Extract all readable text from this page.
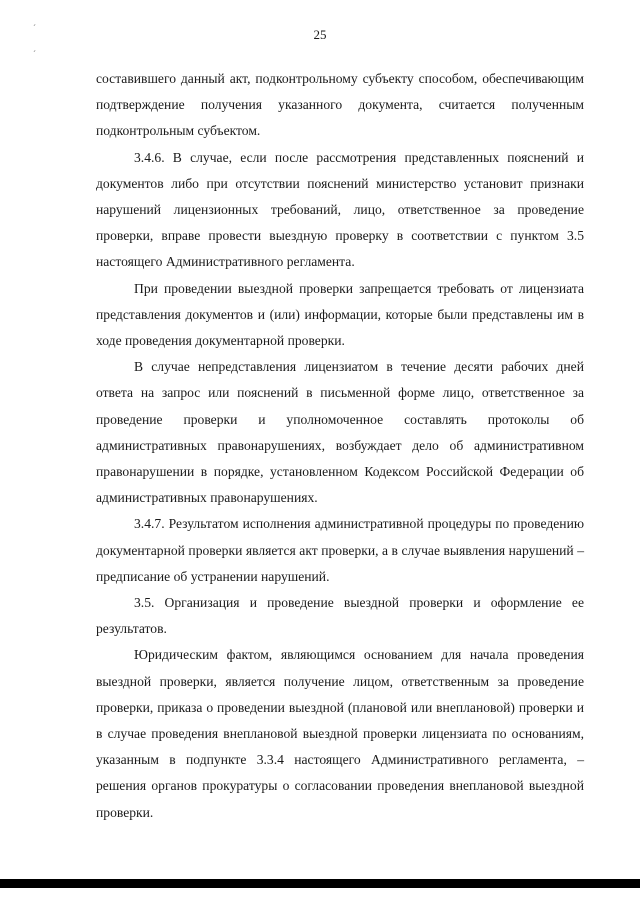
25
ˊ
ˊ

составившего данный акт, подконтрольному субъекту способом, обеспечивающим подтверждение получения указанного документа, считается полученным подконтрольным субъектом.

3.4.6. В случае, если после рассмотрения представленных пояснений и документов либо при отсутствии пояснений министерство установит признаки нарушений лицензионных требований, лицо, ответственное за проведение проверки, вправе провести выездную проверку в соответствии с пунктом 3.5 настоящего Административного регламента.

При проведении выездной проверки запрещается требовать от лицензиата представления документов и (или) информации, которые были представлены им в ходе проведения документарной проверки.

В случае непредставления лицензиатом в течение десяти рабочих дней ответа на запрос или пояснений в письменной форме лицо, ответственное за проведение проверки и уполномоченное составлять протоколы об административных правонарушениях, возбуждает дело об административном правонарушении в порядке, установленном Кодексом Российской Федерации об административных правонарушениях.

3.4.7. Результатом исполнения административной процедуры по проведению документарной проверки является акт проверки, а в случае выявления нарушений – предписание об устранении нарушений.

3.5. Организация и проведение выездной проверки и оформление ее результатов.

Юридическим фактом, являющимся основанием для начала проведения выездной проверки, является получение лицом, ответственным за проведение проверки, приказа о проведении выездной (плановой или внеплановой) проверки и в случае проведения внеплановой выездной проверки лицензиата по основаниям, указанным в подпункте 3.3.4 настоящего Административного регламента, – решения органов прокуратуры о согласовании проведения внеплановой выездной проверки.
